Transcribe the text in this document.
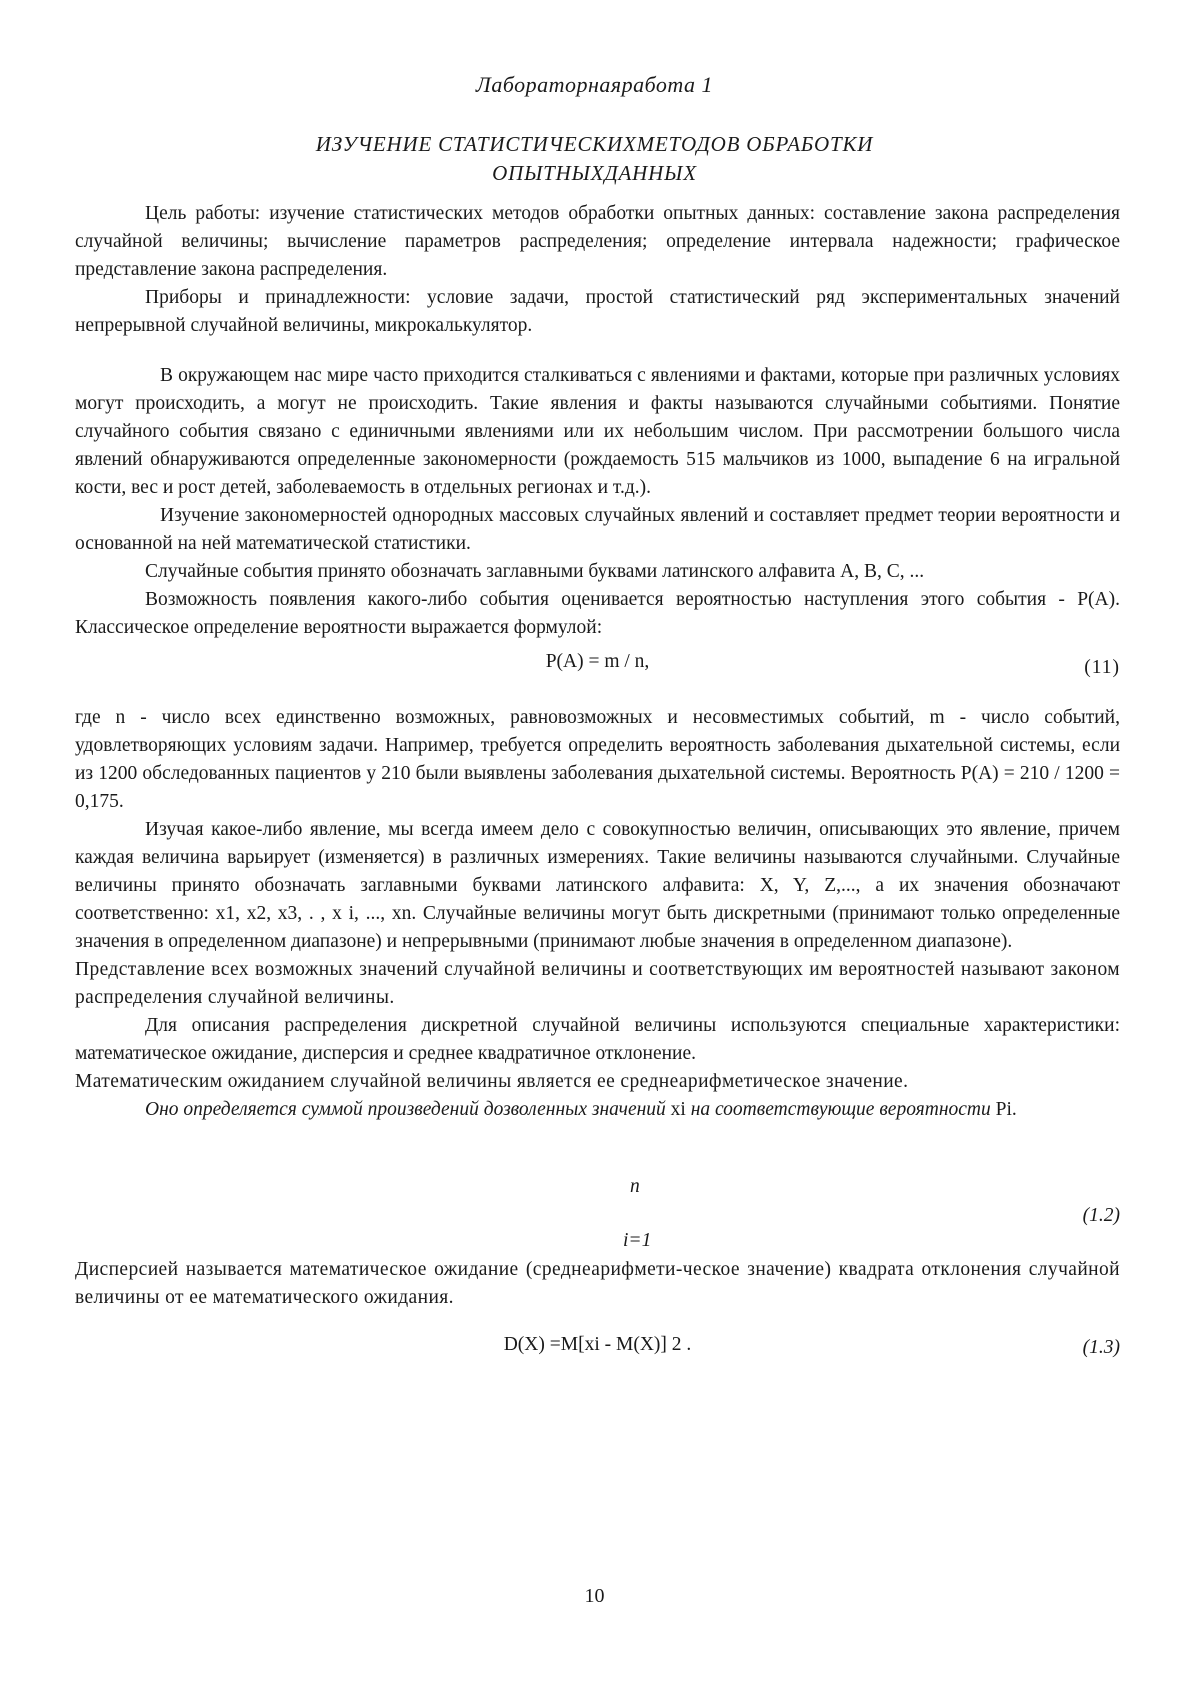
Лабораторнаяработа 1
ИЗУЧЕНИЕ СТАТИСТИЧЕСКИХМЕТОДОВ ОБРАБОТКИ
ОПЫТНЫХДАННЫХ

Цель работы: изучение статистических методов обработки опытных данных: составление закона распределения случайной величины; вычисление параметров распределения; определение интервала надежности; графическое представление закона распределения.

Приборы и принадлежности: условие задачи, простой статистический ряд экспериментальных значений непрерывной случайной величины, микрокалькулятор.

В окружающем нас мире часто приходится сталкиваться с явлениями и фактами, которые при различных условиях могут происходить, а могут не происходить. Такие явления и факты называются случайными событиями. Понятие случайного события связано с единичными явлениями или их небольшим числом. При рассмотрении большого числа явлений обнаруживаются определенные закономерности (рождаемость 515 мальчиков из 1000, выпадение 6 на игральной кости, вес и рост детей, заболеваемость в отдельных регионах и т.д.).

Изучение закономерностей однородных массовых случайных явлений и составляет предмет теории вероятности и основанной на ней математической статистики.

Случайные события принято обозначать заглавными буквами латинского алфавита A, B, C, ...

Возможность появления какого-либо события оценивается вероятностью наступления этого события - P(A). Классическое определение вероятности выражается формулой:

P(A) = m / n,	(11)

где n - число всех единственно возможных, равновозможных и несовместимых событий, m - число событий, удовлетворяющих условиям задачи. Например, требуется определить вероятность заболевания дыхательной системы, если из 1200 обследованных пациентов у 210 были выявлены заболевания дыхательной системы. Вероятность P(A) = 210 / 1200 = 0,175.

Изучая какое-либо явление, мы всегда имеем дело с совокупностью величин, описывающих это явление, причем каждая величина варьирует (изменяется) в различных измерениях. Такие величины называются случайными. Случайные величины принято обозначать заглавными буквами латинского алфавита: X, Y, Z,..., а их значения обозначают соответственно: x1, x2, x3, . , x i, ..., xn. Случайные величины могут быть дискретными (принимают только определенные значения в определенном диапазоне) и непрерывными (принимают любые значения в определенном диапазоне).

Представление всех возможных значений случайной величины и соответствующих им вероятностей называют законом распределения случайной величины.

Для описания распределения дискретной случайной величины используются специальные характеристики: математическое ожидание, дисперсия и среднее квадратичное отклонение.

Математическим ожиданием случайной величины является ее среднеарифметическое значение.

Оно определяется суммой произведений дозволенных значений xi на соответствующие вероятности Pi.

n
(1.2)
i=1

Дисперсией называется математическое ожидание (среднеарифмети-ческое значение) квадрата отклонения случайной величины от ее математического ожидания.

D(X) =M[xi - M(X)] 2 .	(1.3)
10
